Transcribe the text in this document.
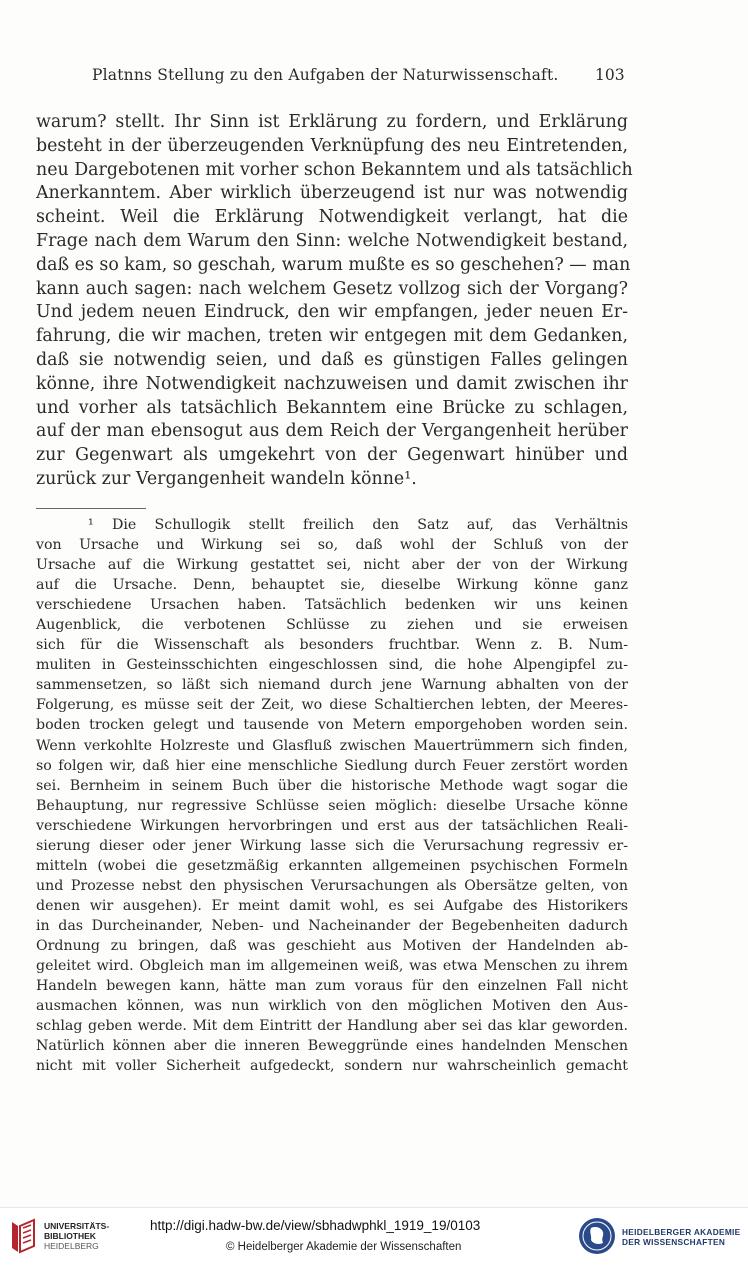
Platnns Stellung zu den Aufgaben der Naturwissenschaft. 103
warum? stellt. Ihr Sinn ist Erklärung zu fordern, und Erklärung
besteht in der überzeugenden Verknüpfung des neu Eintretenden,
neu Dargebotenen mit vorher schon Bekanntem und als tatsächlich
Anerkanntem. Aber wirklich überzeugend ist nur was notwendig
scheint. Weil die Erklärung Notwendigkeit verlangt, hat die
Frage nach dem Warum den Sinn: welche Notwendigkeit bestand,
daß es so kam, so geschah, warum mußte es so geschehen? — man
kann auch sagen: nach welchem Gesetz vollzog sich der Vorgang?
Und jedem neuen Eindruck, den wir empfangen, jeder neuen Er-
fahrung, die wir machen, treten wir entgegen mit dem Gedanken,
daß sie notwendig seien, und daß es günstigen Falles gelingen
könne, ihre Notwendigkeit nachzuweisen und damit zwischen ihr
und vorher als tatsächlich Bekanntem eine Brücke zu schlagen,
auf der man ebensogut aus dem Reich der Vergangenheit herüber
zur Gegenwart als umgekehrt von der Gegenwart hinüber und
zurück zur Vergangenheit wandeln könne¹.
¹ Die Schullogik stellt freilich den Satz auf, das Verhältnis
von Ursache und Wirkung sei so, daß wohl der Schluß von der
Ursache auf die Wirkung gestattet sei, nicht aber der von der Wirkung
auf die Ursache. Denn, behauptet sie, dieselbe Wirkung könne ganz
verschiedene Ursachen haben. Tatsächlich bedenken wir uns keinen
Augenblick, die verbotenen Schlüsse zu ziehen und sie erweisen
sich für die Wissenschaft als besonders fruchtbar. Wenn z. B. Num-
muliten in Gesteinsschichten eingeschlossen sind, die hohe Alpengipfel zu-
sammensetzen, so läßt sich niemand durch jene Warnung abhalten von der
Folgerung, es müsse seit der Zeit, wo diese Schaltierchen lebten, der Meeres-
boden trocken gelegt und tausende von Metern emporgehoben worden sein.
Wenn verkohlte Holzreste und Glasfluß zwischen Mauertrümmern sich finden,
so folgen wir, daß hier eine menschliche Siedlung durch Feuer zerstört worden
sei. Bernheim in seinem Buch über die historische Methode wagt sogar die
Behauptung, nur regressive Schlüsse seien möglich: dieselbe Ursache könne
verschiedene Wirkungen hervorbringen und erst aus der tatsächlichen Reali-
sierung dieser oder jener Wirkung lasse sich die Verursachung regressiv er-
mitteln (wobei die gesetzmäßig erkannten allgemeinen psychischen Formeln
und Prozesse nebst den physischen Verursachungen als Obersätze gelten, von
denen wir ausgehen). Er meint damit wohl, es sei Aufgabe des Historikers
in das Durcheinander, Neben- und Nacheinander der Begebenheiten dadurch
Ordnung zu bringen, daß was geschieht aus Motiven der Handelnden ab-
geleitet wird. Obgleich man im allgemeinen weiß, was etwa Menschen zu ihrem
Handeln bewegen kann, hätte man zum voraus für den einzelnen Fall nicht
ausmachen können, was nun wirklich von den möglichen Motiven den Aus-
schlag geben werde. Mit dem Eintritt der Handlung aber sei das klar geworden.
Natürlich können aber die inneren Beweggründe eines handelnden Menschen
nicht mit voller Sicherheit aufgedeckt, sondern nur wahrscheinlich gemacht
UNIVERSITÄTS-
BIBLIOTHEK
HEIDELBERG
http://digi.hadw-bw.de/view/sbhadwphkl_1919_19/0103
© Heidelberger Akademie der Wissenschaften
HEIDELBERGER AKADEMIE
DER WISSENSCHAFTEN
